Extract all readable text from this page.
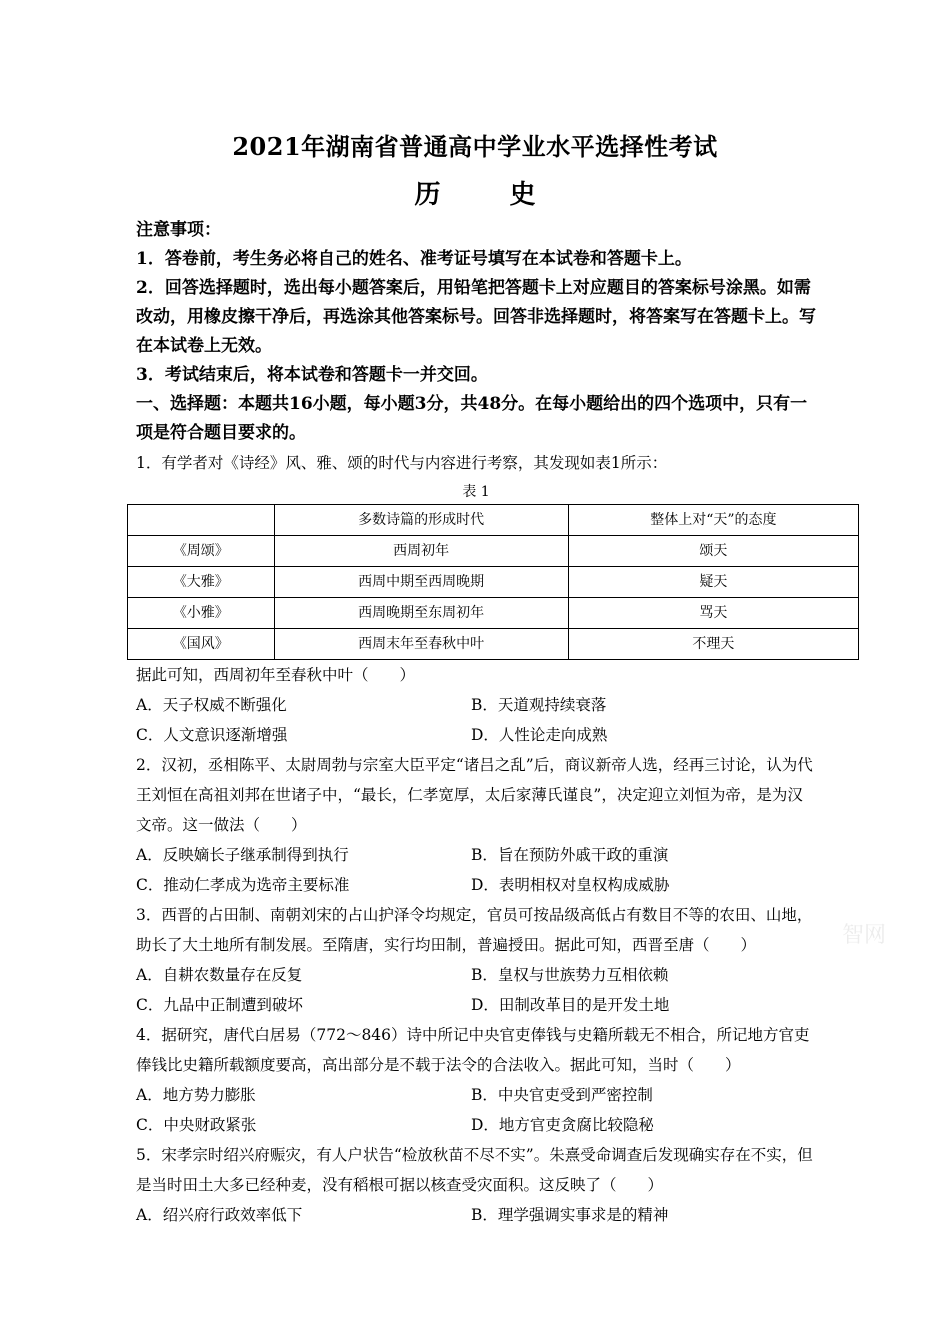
2021年湖南省普通高中学业水平选择性考试
历 史
注意事项：
1．答卷前，考生务必将自己的姓名、准考证号填写在本试卷和答题卡上。
2．回答选择题时，选出每小题答案后，用铅笔把答题卡上对应题目的答案标号涂黑。如需改动，用橡皮擦干净后，再选涂其他答案标号。回答非选择题时，将答案写在答题卡上。写在本试卷上无效。
3．考试结束后，将本试卷和答题卡一并交回。
一、选择题：本题共16小题，每小题3分，共48分。在每小题给出的四个选项中，只有一项是符合题目要求的。
1．有学者对《诗经》风、雅、颂的时代与内容进行考察，其发现如表1所示：
表 1
	多数诗篇的形成时代	整体上对“天”的态度
《周颂》	西周初年	颂天
《大雅》	西周中期至西周晚期	疑天
《小雅》	西周晚期至东周初年	骂天
《国风》	西周末年至春秋中叶	不理天
据此可知，西周初年至春秋中叶（　　）
A．天子权威不断强化	B．天道观持续衰落
C．人文意识逐渐增强	D．人性论走向成熟
2．汉初，丞相陈平、太尉周勃与宗室大臣平定“诸吕之乱”后，商议新帝人选，经再三讨论，认为代王刘恒在高祖刘邦在世诸子中，“最长，仁孝宽厚，太后家薄氏谨良”，决定迎立刘恒为帝，是为汉文帝。这一做法（　　）
A．反映嫡长子继承制得到执行	B．旨在预防外戚干政的重演
C．推动仁孝成为选帝主要标准	D．表明相权对皇权构成威胁
3．西晋的占田制、南朝刘宋的占山护泽令均规定，官员可按品级高低占有数目不等的农田、山地，助长了大土地所有制发展。至隋唐，实行均田制，普遍授田。据此可知，西晋至唐（　　）
A．自耕农数量存在反复	B．皇权与世族势力互相依赖
C．九品中正制遭到破坏	D．田制改革目的是开发土地
4．据研究，唐代白居易（772～846）诗中所记中央官吏俸钱与史籍所载无不相合，所记地方官吏俸钱比史籍所载额度要高，高出部分是不载于法令的合法收入。据此可知，当时（　　）
A．地方势力膨胀	B．中央官吏受到严密控制
C．中央财政紧张	D．地方官吏贪腐比较隐秘
5．宋孝宗时绍兴府赈灾，有人户状告“检放秋苗不尽不实”。朱熹受命调查后发现确实存在不实，但是当时田土大多已经种麦，没有稻根可据以核查受灾面积。这反映了（　　）
A．绍兴府行政效率低下	B．理学强调实事求是的精神
智网
